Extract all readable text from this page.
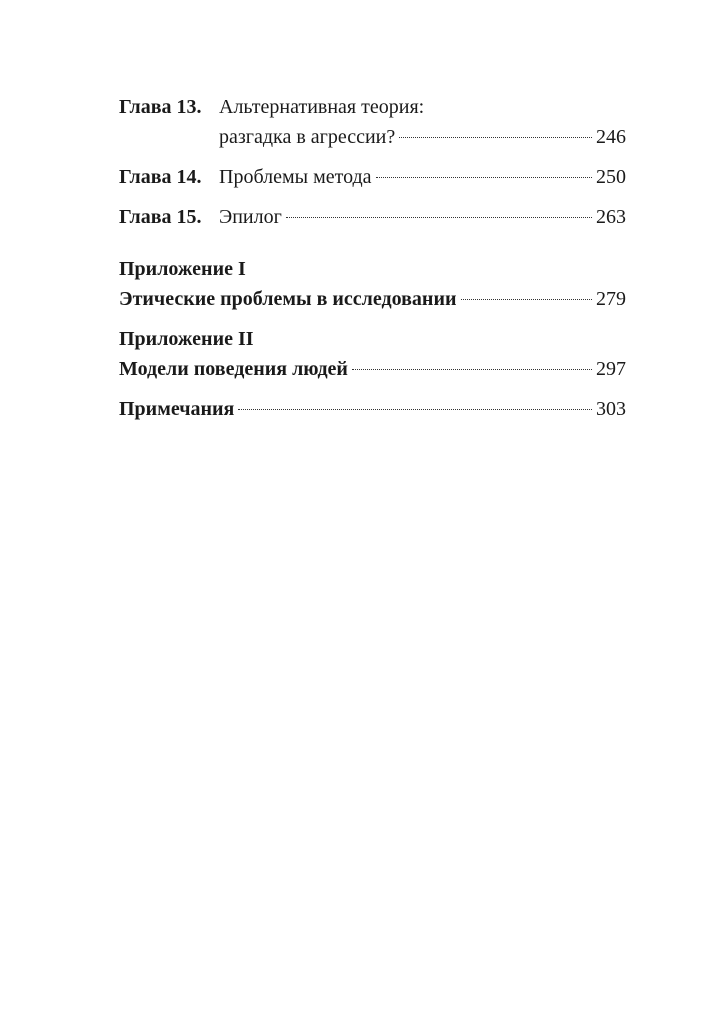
Глава 13. Альтернативная теория:
разгадка в агрессии?	246
Глава 14. Проблемы метода	250
Глава 15. Эпилог	263
Приложение I
Этические проблемы в исследовании	279
Приложение II
Модели поведения людей	297
Примечания	303
